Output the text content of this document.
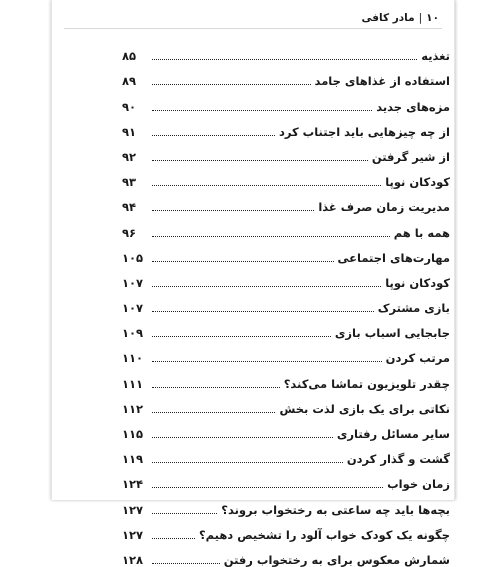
۱۰
|
مادر کافی
تغذیه
۸۵
استفاده از غذاهای جامد
۸۹
مزه‌های جدید
۹۰
از چه چیزهایی باید اجتناب کرد
۹۱
از شیر گرفتن
۹۲
کودکان نوپا
۹۳
مدیریت زمان صرف غذا
۹۴
همه با هم
۹۶
مهارت‌های اجتماعی
۱۰۵
کودکان نوپا
۱۰۷
بازی مشترک
۱۰۷
جابجایی اسباب بازی
۱۰۹
مرتب کردن
۱۱۰
چقدر تلویزیون تماشا می‌کند؟
۱۱۱
نکاتی برای یک بازی لذت بخش
۱۱۲
سایر مسائل رفتاری
۱۱۵
گشت و گذار کردن
۱۱۹
زمان خواب
۱۲۴
بچه‌ها باید چه ساعتی به رختخواب بروند؟
۱۲۷
چگونه یک کودک خواب آلود را تشخیص دهیم؟
۱۲۷
شمارش معکوس برای به رختخواب رفتن
۱۲۸
